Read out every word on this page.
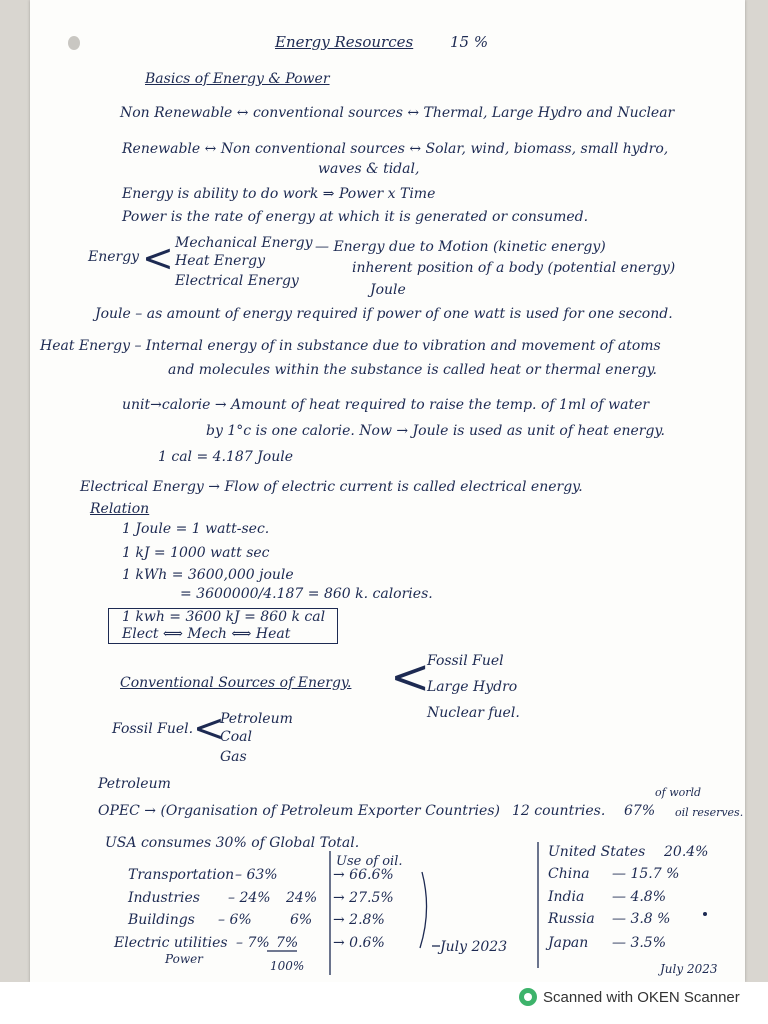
Energy Resources 15 %
Basics of Energy & Power
Non Renewable ↔ conventional sources ↔ Thermal, Large Hydro and Nuclear
Renewable ↔ Non conventional sources ↔ Solar, wind, biomass, small hydro,
waves & tidal,
Energy is ability to do work ⇒ Power x Time
Power is the rate of energy at which it is generated or consumed.
Energy < Mechanical Energy
Heat Energy
Electrical Energy
— Energy due to Motion (kinetic energy)
inherent position of a body (potential energy)
Joule
Joule – as amount of energy required if power of one watt is used for one second.
Heat Energy – Internal energy of in substance due to vibration and movement of atoms
and molecules within the substance is called heat or thermal energy.
unit→calorie → Amount of heat required to raise the temp. of 1ml of water
by 1°c is one calorie. Now → Joule is used as unit of heat energy.
1 cal = 4.187 Joule
Electrical Energy → Flow of electric current is called electrical energy.
Relation
1 Joule = 1 watt-sec.
1 kJ = 1000 watt sec
1 kWh = 3600,000 joule
= 3600000/4.187 = 860 k. calories.
1 kwh = 3600 kJ = 860 k cal
Elect ⟺ Mech ⟺ Heat
Conventional Sources of Energy. <
Fossil Fuel
Large Hydro
Nuclear fuel.
Fossil Fuel. <
Petroleum
Coal
Gas
Petroleum
OPEC → (Organisation of Petroleum Exporter Countries) 12 countries. 67%
of world
oil reserves.
USA consumes 30% of Global Total.
Use of oil.
Transportation – 63%	→ 66.6%
Industries – 24% 24% → 27.5%
Buildings – 6%	6% → 2.8%
Electric utilities – 7% 7% → 0.6%
Power	100%
July 2023
United States 20.4%
China — 15.7 %
India — 4.8%
Russia — 3.8 %
Japan — 3.5%
July 2023
Scanned with OKEN Scanner
